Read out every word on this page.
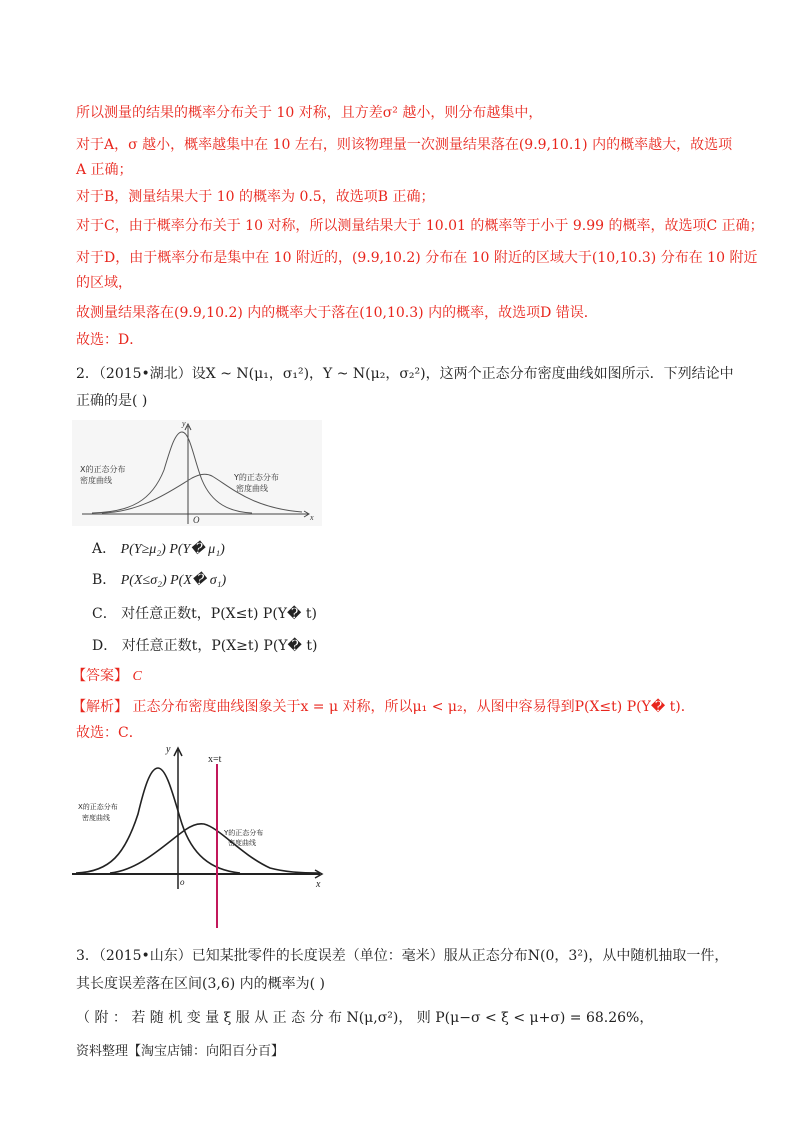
所以测量的结果的概率分布关于 10 对称，且方差σ² 越小，则分布越集中，
对于A，σ 越小，概率越集中在 10 左右，则该物理量一次测量结果落在(9.9,10.1) 内的概率越大，故选项
A 正确；
对于B，测量结果大于 10 的概率为 0.5，故选项B 正确；
对于C，由于概率分布关于 10 对称，所以测量结果大于 10.01 的概率等于小于 9.99 的概率，故选项C 正确；
对于D，由于概率分布是集中在 10 附近的，(9.9,10.2) 分布在 10 附近的区域大于(10,10.3) 分布在 10 附近
的区域，
故测量结果落在(9.9,10.2) 内的概率大于落在(10,10.3) 内的概率，故选项D 错误．
故选：D．
2．（2015•湖北）设X ~ N(μ₁，σ₁²)，Y ~ N(μ₂，σ₂²)，这两个正态分布密度曲线如图所示．下列结论中
正确的是( )
y
x
O
X的正态分布
密度曲线	Y的正态分布
密度曲线
A． P(Y≥μ₂) P(Y� μ₁)
B． P(X≤σ₂) P(X� σ₁)
C． 对任意正数t，P(X≤t) P(Y� t)
D． 对任意正数t，P(X≥t) P(Y� t)
【答案】 C
【解析】 正态分布密度曲线图象关于x = μ 对称，所以μ₁ < μ₂，从图中容易得到P(X≤t) P(Y� t)．
故选：C．
x=t
y
x
o
X的正态分布
密度曲线
Y的正态分布
密度曲线
3．（2015•山东）已知某批零件的长度误差（单位：毫米）服从正态分布N(0，3²)，从中随机抽取一件，
其长度误差落在区间(3,6) 内的概率为( )
（ 附 ： 若 随 机 变 量 ξ 服 从 正 态 分 布 N(μ,σ²)， 则 P(μ−σ < ξ < μ+σ) = 68.26%，
资料整理【淘宝店铺：向阳百分百】
